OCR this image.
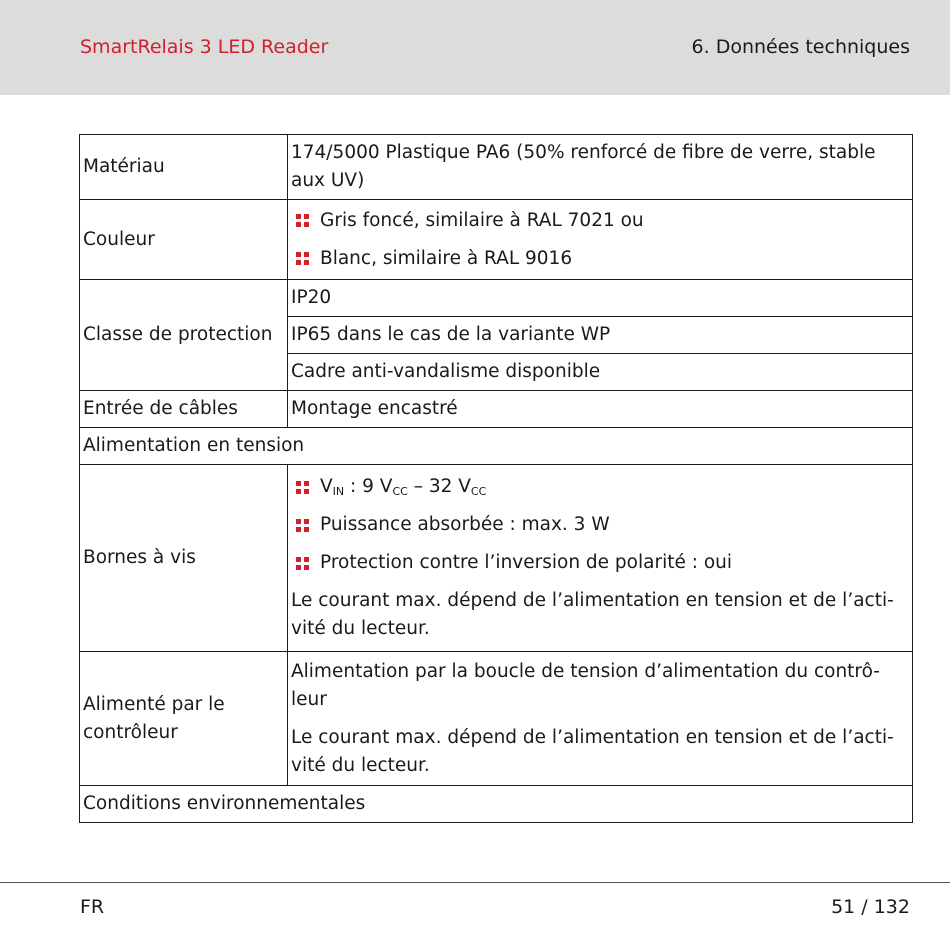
SmartRelais 3 LED Reader	6. Données techniques
Matériau	174/5000 Plastique PA6 (50% renforcé de fibre de verre, stable aux UV)
Couleur	Gris foncé, similaire à RAL 7021 ou
Blanc, similaire à RAL 9016

Classe de protection	IP20
	IP65 dans le cas de la variante WP
	Cadre anti-vandalisme disponible
Entrée de câbles	Montage encastré
Alimentation en tension	
Bornes à vis	$V_{IN}$ : 9 $V_{CC} - 32$ $V_{CC}$
Puissance absorbée : max. 3 W
Protection contre l’inversion de polarité : oui

Le courant max. dépend de l’alimentation en tension et de l’acti-vité du lecteur.

Alimenté par le contrôleur	Alimentation par la boucle de tension d’alimentation du contrô-leur

Le courant max. dépend de l’alimentation en tension et de l’acti-vité du lecteur.

Conditions environnementales	
FR	51 / 132
